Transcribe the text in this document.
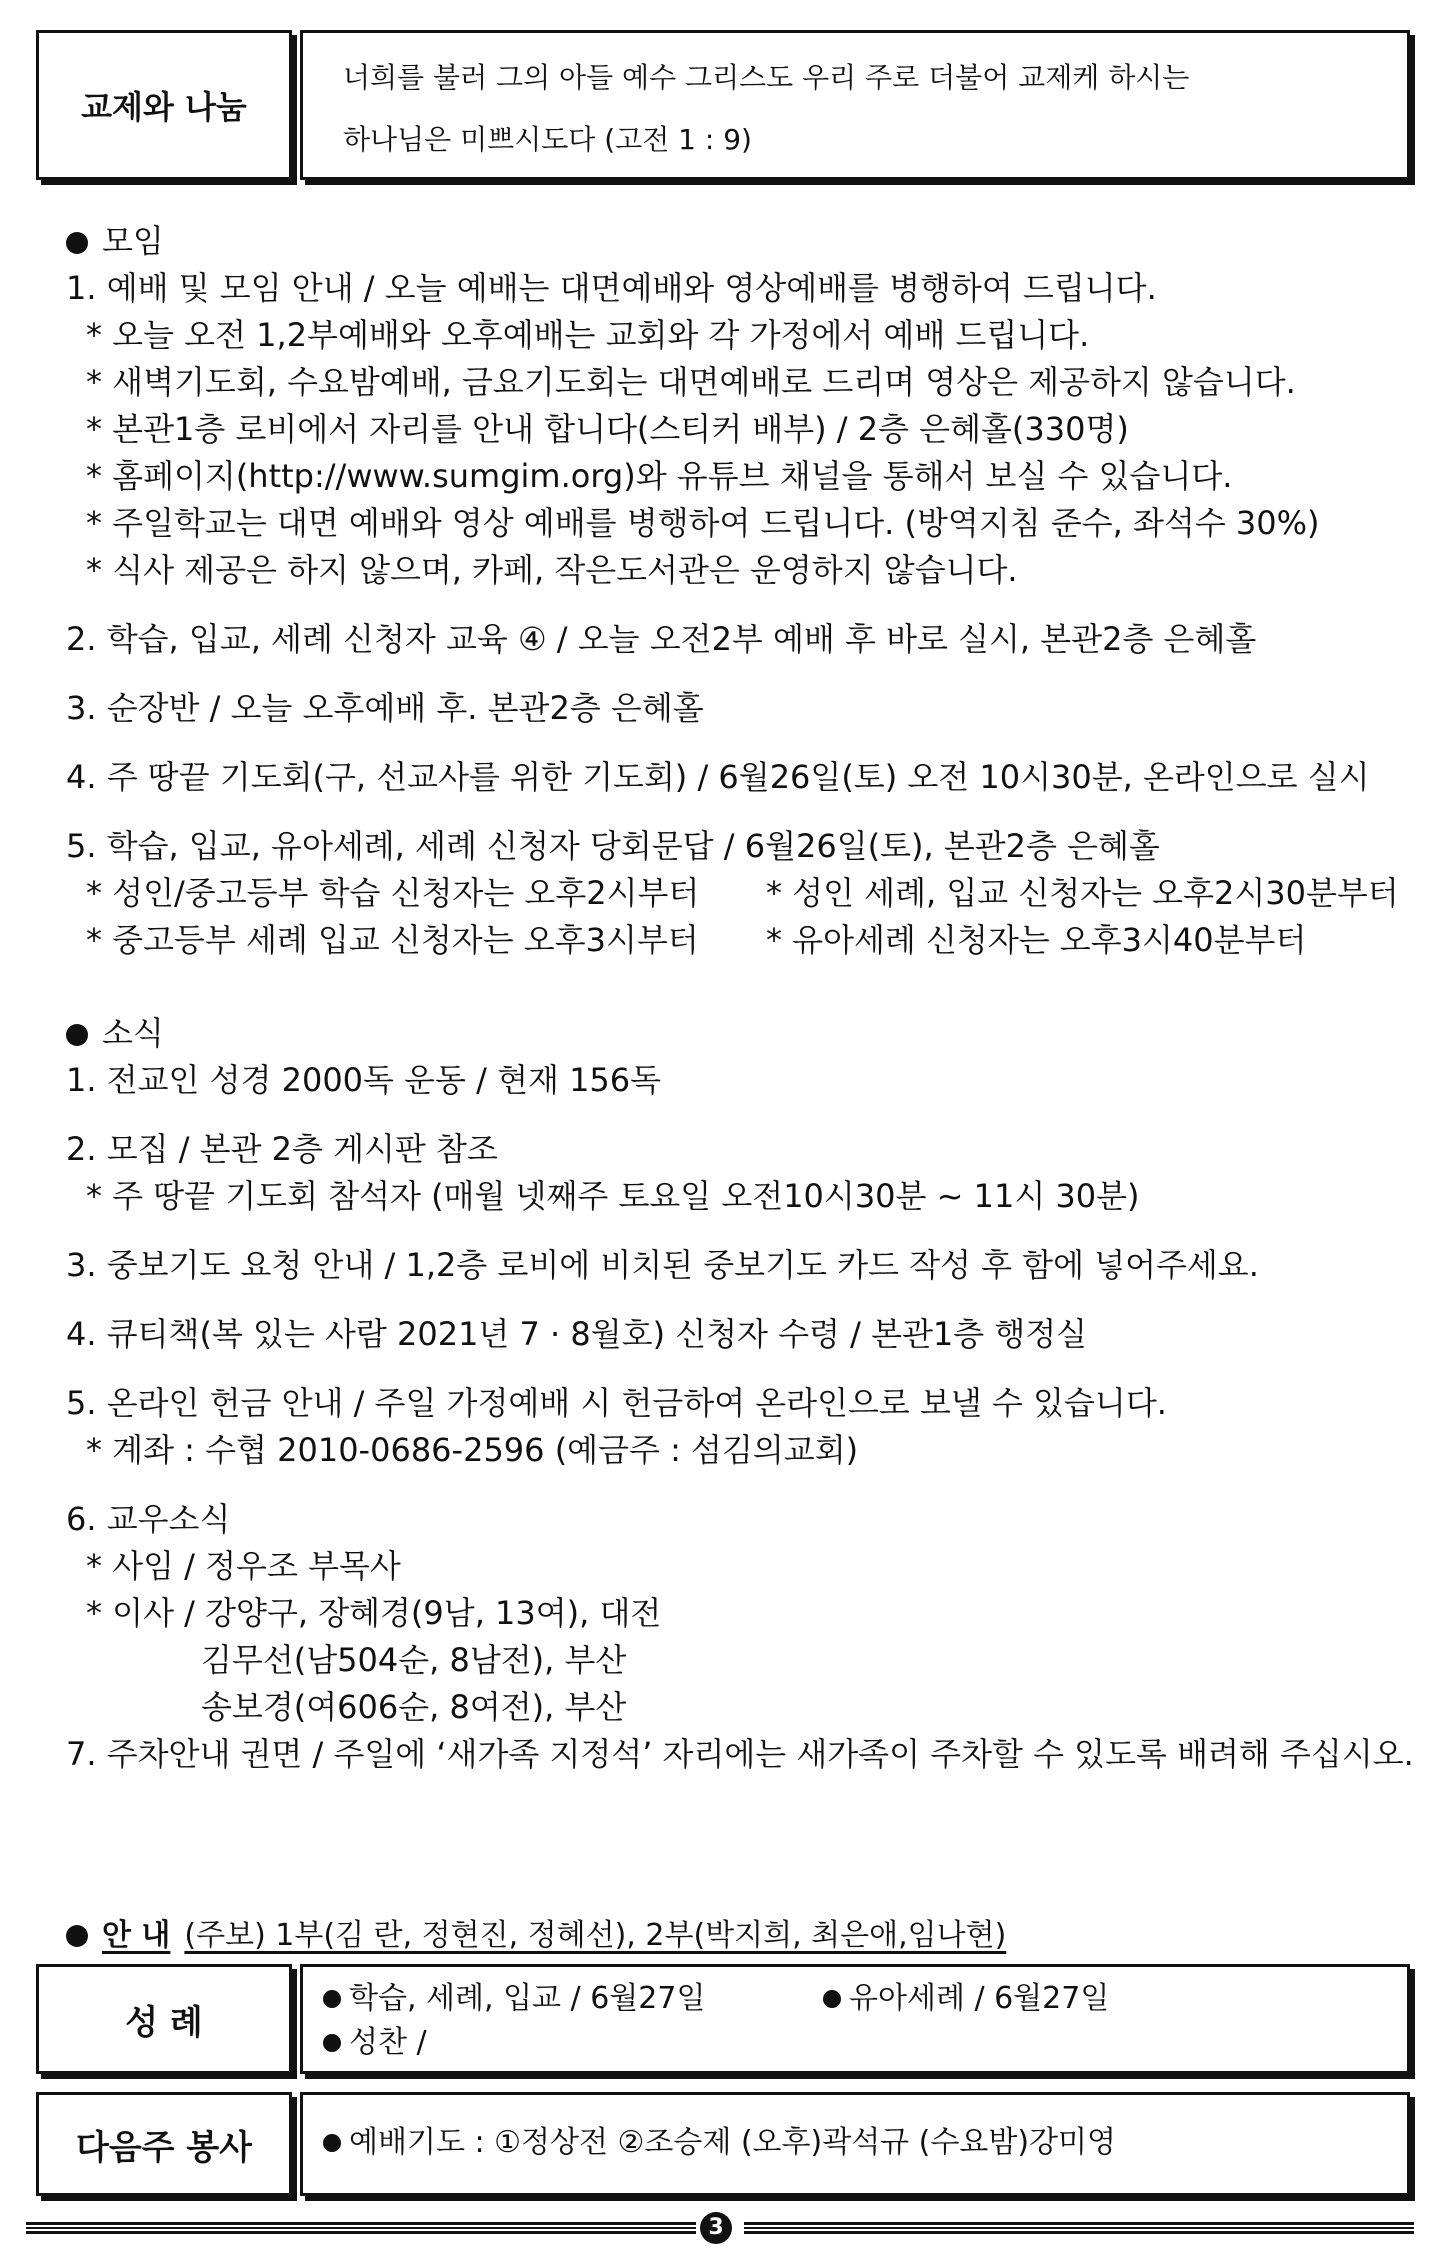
교제와 나눔
너희를 불러 그의 아들 예수 그리스도 우리 주로 더불어 교제케 하시는
하나님은 미쁘시도다 (고전 1 : 9)
모임
1. 예배 및 모임 안내 / 오늘 예배는 대면예배와 영상예배를 병행하여 드립니다.
* 오늘 오전 1,2부예배와 오후예배는 교회와 각 가정에서 예배 드립니다.
* 새벽기도회, 수요밤예배, 금요기도회는 대면예배로 드리며 영상은 제공하지 않습니다.
* 본관1층 로비에서 자리를 안내 합니다(스티커 배부) / 2층 은혜홀(330명)
* 홈페이지(http://www.sumgim.org)와 유튜브 채널을 통해서 보실 수 있습니다.
* 주일학교는 대면 예배와 영상 예배를 병행하여 드립니다. (방역지침 준수, 좌석수 30%)
* 식사 제공은 하지 않으며, 카페, 작은도서관은 운영하지 않습니다.
2. 학습, 입교, 세례 신청자 교육 ④ / 오늘 오전2부 예배 후 바로 실시, 본관2층 은혜홀
3. 순장반 / 오늘 오후예배 후. 본관2층 은혜홀
4. 주 땅끝 기도회(구, 선교사를 위한 기도회) / 6월26일(토) 오전 10시30분, 온라인으로 실시
5. 학습, 입교, 유아세례, 세례 신청자 당회문답 / 6월26일(토), 본관2층 은혜홀
* 성인/중고등부 학습 신청자는 오후2시부터	* 성인 세례, 입교 신청자는 오후2시30분부터
* 중고등부 세례 입교 신청자는 오후3시부터	* 유아세례 신청자는 오후3시40분부터
소식
1. 전교인 성경 2000독 운동 / 현재 156독
2. 모집 / 본관 2층 게시판 참조
* 주 땅끝 기도회 참석자 (매월 넷째주 토요일 오전10시30분 ~ 11시 30분)
3. 중보기도 요청 안내 / 1,2층 로비에 비치된 중보기도 카드 작성 후 함에 넣어주세요.
4. 큐티책(복 있는 사람 2021년 7 · 8월호) 신청자 수령 / 본관1층 행정실
5. 온라인 헌금 안내 / 주일 가정예배 시 헌금하여 온라인으로 보낼 수 있습니다.
* 계좌 : 수협 2010-0686-2596 (예금주 : 섬김의교회)
6. 교우소식
* 사임 / 정우조 부목사
* 이사 / 강양구, 장혜경(9남, 13여), 대전
김무선(남504순, 8남전), 부산
송보경(여606순, 8여전), 부산
7. 주차안내 권면 / 주일에 ‘새가족 지정석’ 자리에는 새가족이 주차할 수 있도록 배려해 주십시오.
안 내 (주보) 1부(김 란, 정현진, 정혜선), 2부(박지희, 최은애,임나현)
성 례
학습, 세례, 입교 / 6월27일	유아세례 / 6월27일
성찬 /
다음주 봉사	예배기도 : ①정상전 ②조승제 (오후)곽석규 (수요밤)강미영
3
